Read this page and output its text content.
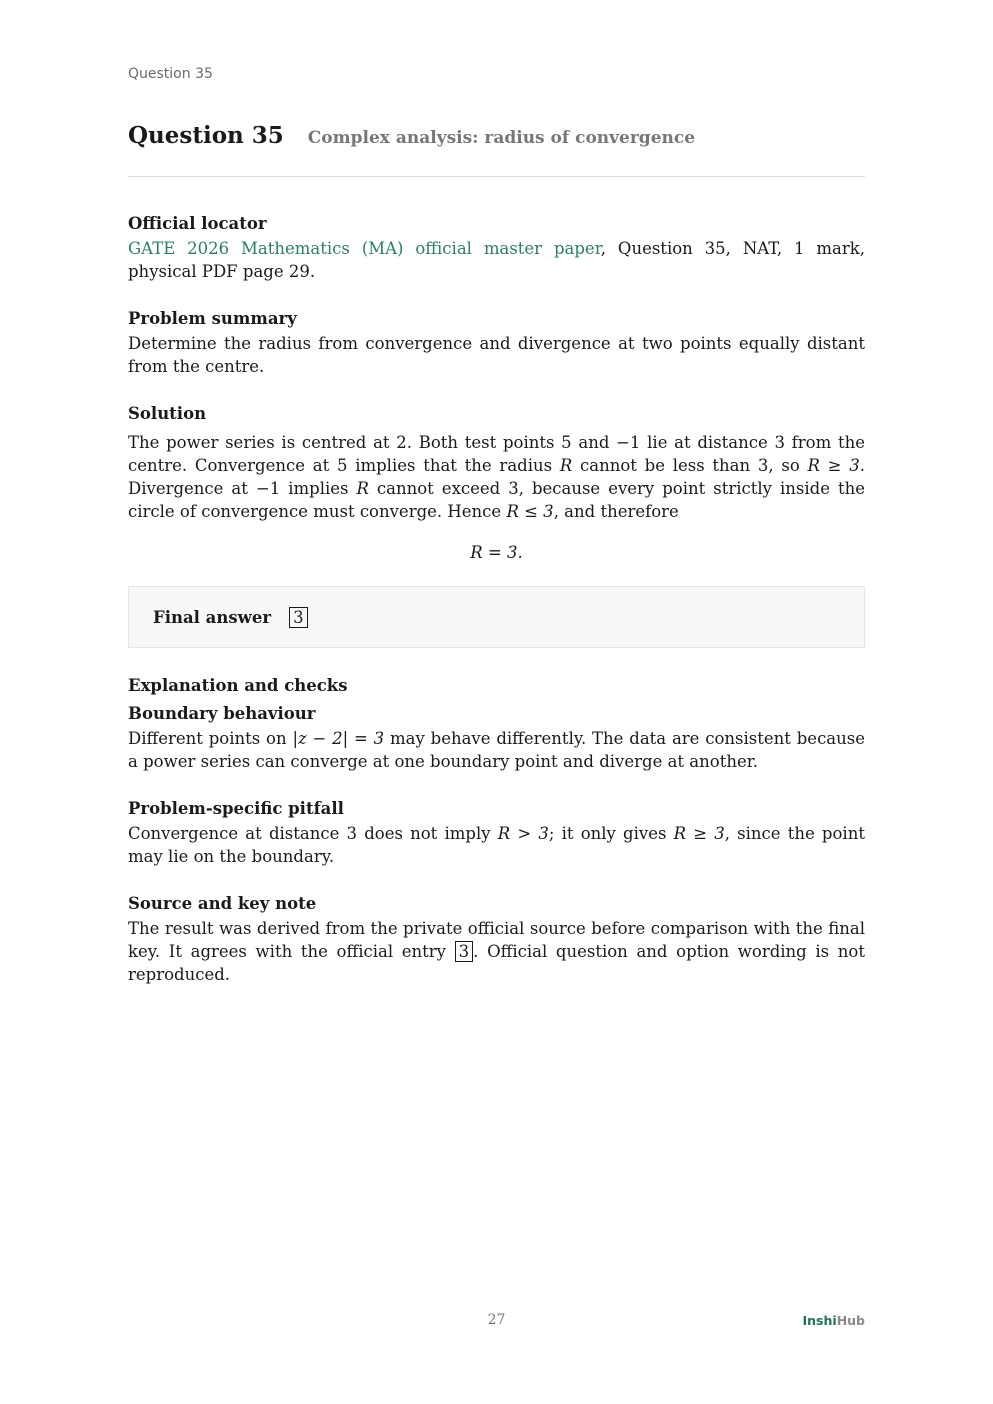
Question 35
Question 35 Complex analysis: radius of convergence
Official locator

GATE 2026 Mathematics (MA) official master paper, Question 35, NAT, 1 mark, physical PDF page 29.

Problem summary

Determine the radius from convergence and divergence at two points equally distant from the centre.

Solution

The power series is centred at 2. Both test points 5 and −1 lie at distance 3 from the centre. Convergence at 5 implies that the radius R cannot be less than 3, so R ≥ 3. Divergence at −1 implies R cannot exceed 3, because every point strictly inside the circle of convergence must converge. Hence R ≤ 3, and therefore

R = 3.
Final answer 3
Explanation and checks
Boundary behaviour

Different points on |z − 2| = 3 may behave differently. The data are consistent because a power series can converge at one boundary point and diverge at another.

Problem-specific pitfall

Convergence at distance 3 does not imply R > 3; it only gives R ≥ 3, since the point may lie on the boundary.

Source and key note

The result was derived from the private official source before comparison with the final key. It agrees with the official entry 3 . Official question and option wording is not reproduced.

27	InshiHub
